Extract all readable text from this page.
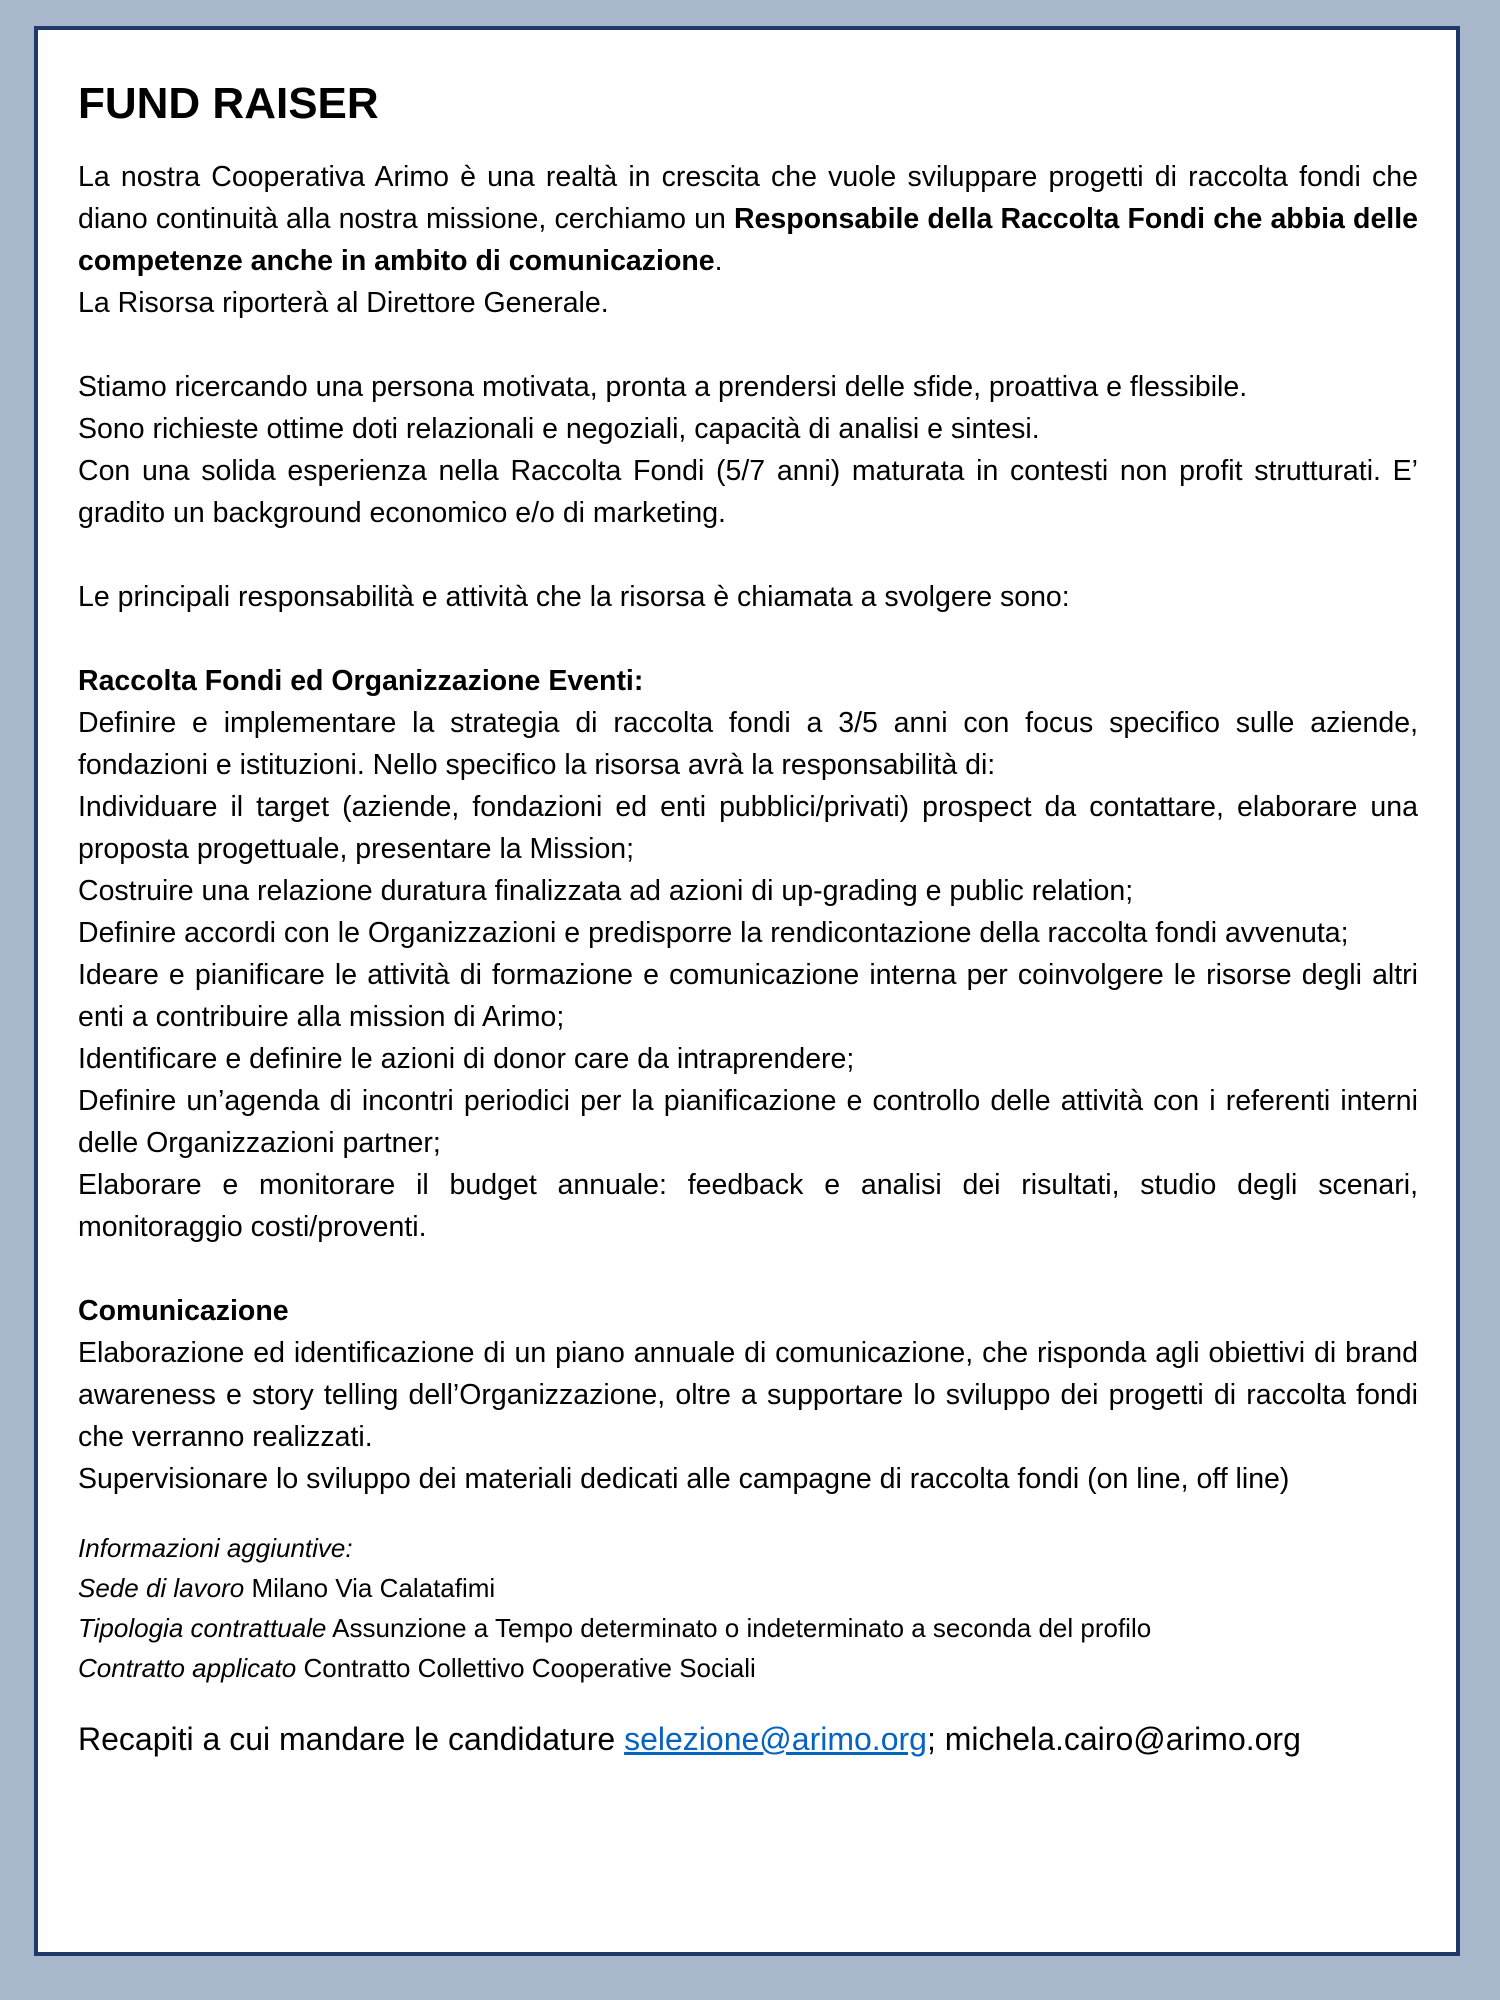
FUND RAISER

La nostra Cooperativa Arimo è una realtà in crescita che vuole sviluppare progetti di raccolta fondi che diano continuità alla nostra missione, cerchiamo un Responsabile della Raccolta Fondi che abbia delle competenze anche in ambito di comunicazione.

La Risorsa riporterà al Direttore Generale.

Stiamo ricercando una persona motivata, pronta a prendersi delle sfide, proattiva e flessibile.

Sono richieste ottime doti relazionali e negoziali, capacità di analisi e sintesi.

Con una solida esperienza nella Raccolta Fondi (5/7 anni) maturata in contesti non profit strutturati. E’ gradito un background economico e/o di marketing.

Le principali responsabilità e attività che la risorsa è chiamata a svolgere sono:

Raccolta Fondi ed Organizzazione Eventi:

Definire e implementare la strategia di raccolta fondi a 3/5 anni con focus specifico sulle aziende, fondazioni e istituzioni. Nello specifico la risorsa avrà la responsabilità di:

Individuare il target (aziende, fondazioni ed enti pubblici/privati) prospect da contattare, elaborare una proposta progettuale, presentare la Mission;

Costruire una relazione duratura finalizzata ad azioni di up-grading e public relation;

Definire accordi con le Organizzazioni e predisporre la rendicontazione della raccolta fondi avvenuta;

Ideare e pianificare le attività di formazione e comunicazione interna per coinvolgere le risorse degli altri enti a contribuire alla mission di Arimo;

Identificare e definire le azioni di donor care da intraprendere;

Definire un’agenda di incontri periodici per la pianificazione e controllo delle attività con i referenti interni delle Organizzazioni partner;

Elaborare e monitorare il budget annuale: feedback e analisi dei risultati, studio degli scenari, monitoraggio costi/proventi.

Comunicazione

Elaborazione ed identificazione di un piano annuale di comunicazione, che risponda agli obiettivi di brand awareness e story telling dell’Organizzazione, oltre a supportare lo sviluppo dei progetti di raccolta fondi che verranno realizzati.

Supervisionare lo sviluppo dei materiali dedicati alle campagne di raccolta fondi (on line, off line)

Informazioni aggiuntive:
Sede di lavoro Milano Via Calatafimi
Tipologia contrattuale Assunzione a Tempo determinato o indeterminato a seconda del profilo
Contratto applicato Contratto Collettivo Cooperative Sociali
Recapiti a cui mandare le candidature selezione@arimo.org; michela.cairo@arimo.org
